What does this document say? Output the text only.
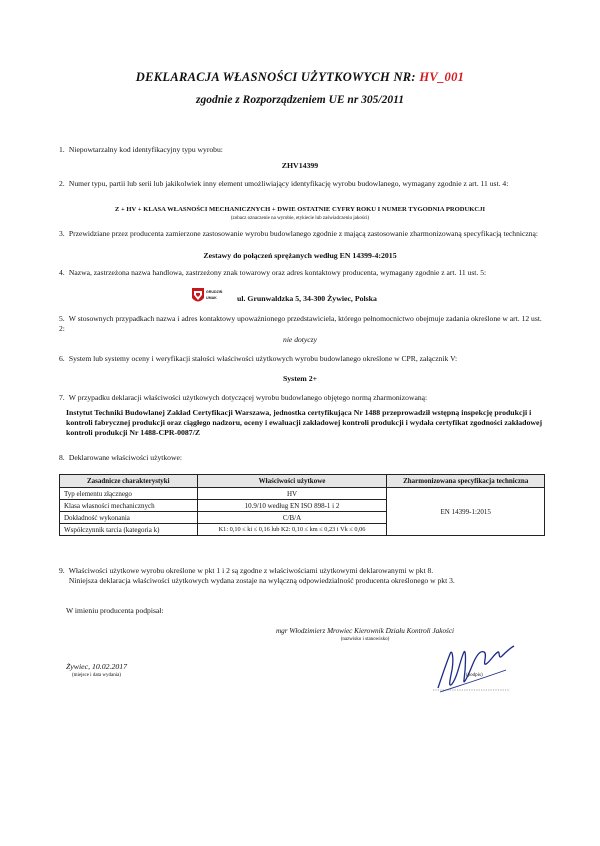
DEKLARACJA WŁASNOŚCI UŻYTKOWYCH NR: HV_001
zgodnie z Rozporządzeniem UE nr 305/2011
1. Niepowtarzalny kod identyfikacyjny typu wyrobu:
ZHV14399
2. Numer typu, partii lub serii lub jakikolwiek inny element umożliwiający identyfikację wyrobu budowlanego, wymagany zgodnie z art. 11 ust. 4:
Z + HV + KLASA WŁASNOŚCI MECHANICZNYCH + DWIE OSTATNIE CYFRY ROKU I NUMER TYGODNIA PRODUKCJI
(zobacz oznaczenie na wyrobie, etykiecie lub zaświadczeniu jakości)
3. Przewidziane przez producenta zamierzone zastosowanie wyrobu budowlanego zgodnie z mającą zastosowanie zharmonizowaną specyfikacją techniczną:
Zestawy do połączeń sprężanych według EN 14399-4:2015
4. Nazwa, zastrzeżona nazwa handlowa, zastrzeżony znak towarowy oraz adres kontaktowy producenta, wymagany zgodnie z art. 11 ust. 5:
GRUDZIŃ
UMAK	ul. Grunwaldzka 5, 34-300 Żywiec, Polska
5. W stosownych przypadkach nazwa i adres kontaktowy upoważnionego przedstawiciela, którego pełnomocnictwo obejmuje zadania określone w art. 12 ust. 2:
nie dotyczy
6. System lub systemy oceny i weryfikacji stałości właściwości użytkowych wyrobu budowlanego określone w CPR, załącznik V:
System 2+
7. W przypadku deklaracji właściwości użytkowych dotyczącej wyrobu budowlanego objętego normą zharmonizowaną:
Instytut Techniki Budowlanej Zakład Certyfikacji Warszawa, jednostka certyfikująca Nr 1488 przeprowadził wstępną inspekcję produkcji i kontroli fabrycznej produkcji oraz ciągłego nadzoru, oceny i ewaluacji zakładowej kontroli produkcji i wydała certyfikat zgodności zakładowej kontroli produkcji Nr 1488-CPR-0087/Z
8. Deklarowane właściwości użytkowe:
Zasadnicze charakterystyki	Właściwości użytkowe	Zharmonizowana specyfikacja techniczna
Typ elementu złącznego	HV	EN 14399-1:2015
Klasa własności mechanicznych	10.9/10 według EN ISO 898-1 i 2	
Dokładność wykonania	C/B/A	
Współczynnik tarcia (kategoria k)	K1: 0,10 ≤ ki ≤ 0,16 lub K2: 0,10 ≤ km ≤ 0,23 i Vk ≤ 0,06	
9. Właściwości użytkowe wyrobu określone w pkt 1 i 2 są zgodne z właściwościami użytkowymi deklarowanymi w pkt 8.
Niniejsza deklaracja właściwości użytkowych wydana zostaje na wyłączną odpowiedzialność producenta określonego w pkt 3.
W imieniu producenta podpisał:
mgr Włodzimierz Mrowiec Kierownik Działu Kontroli Jakości
(nazwisko i stanowisko)
Żywiec, 10.02.2017
(miejsce i data wydania)	(podpis)
